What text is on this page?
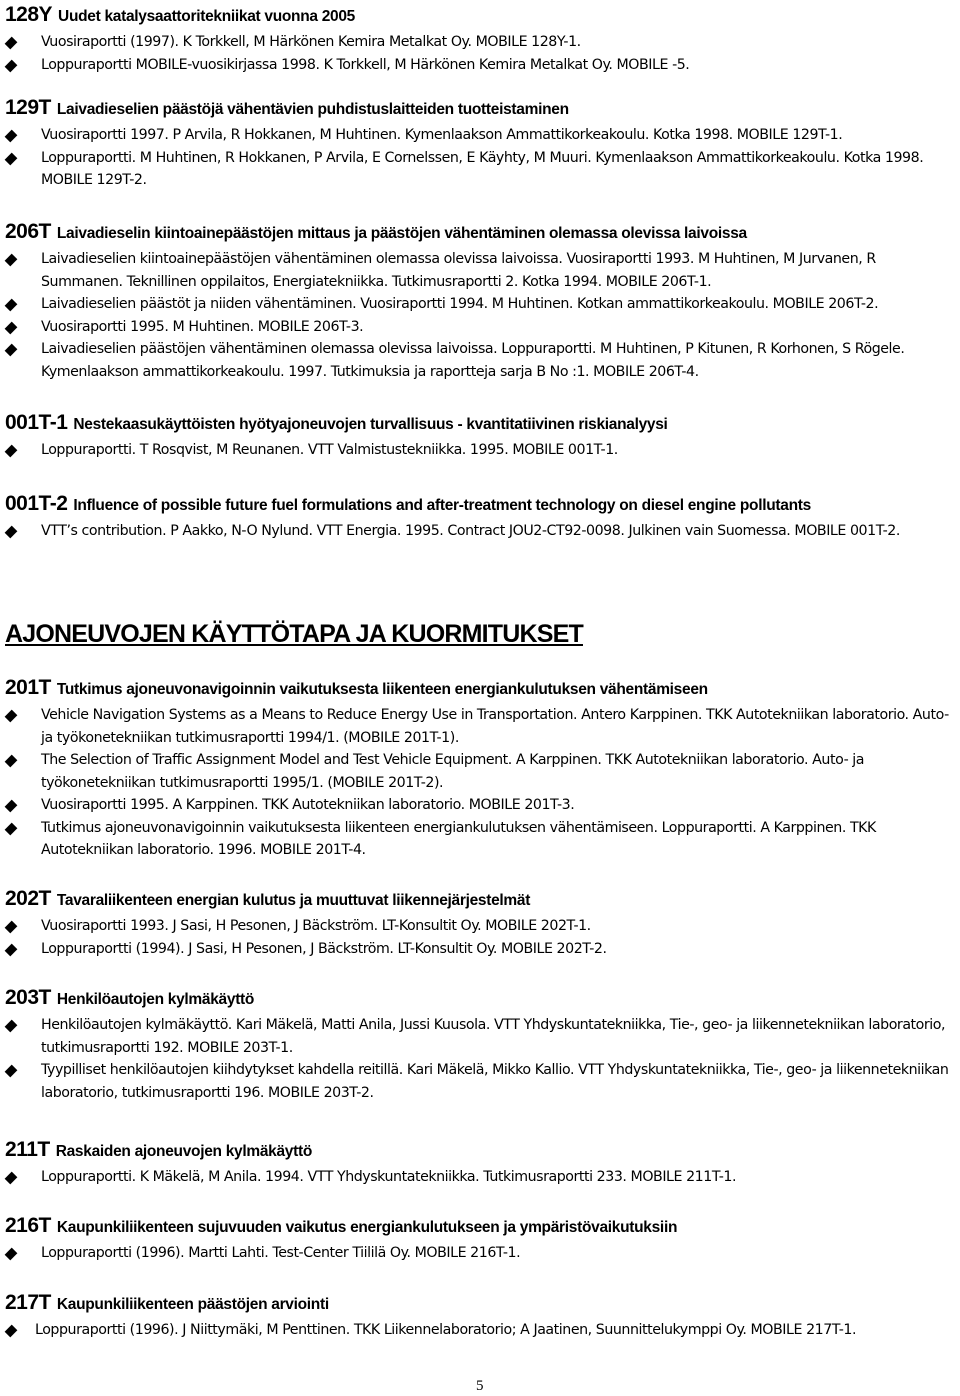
128Y Uudet katalysaattoritekniikat vuonna 2005
Vuosiraportti (1997). K Torkkell, M Härkönen Kemira Metalkat Oy. MOBILE 128Y-1.
Loppuraportti MOBILE-vuosikirjassa 1998. K Torkkell, M Härkönen Kemira Metalkat Oy. MOBILE -5.
129T Laivadieselien päästöjä vähentävien puhdistuslaitteiden tuotteistaminen
Vuosiraportti 1997. P Arvila, R Hokkanen, M Huhtinen. Kymenlaakson Ammattikorkeakoulu. Kotka 1998. MOBILE 129T-1.
Loppuraportti. M Huhtinen, R Hokkanen, P Arvila, E Cornelssen, E Käyhty, M Muuri. Kymenlaakson Ammattikorkeakoulu. Kotka 1998. MOBILE 129T-2.
206T Laivadieselin kiintoainepäästöjen mittaus ja päästöjen vähentäminen olemassa olevissa laivoissa
Laivadieselien kiintoainepäästöjen vähentäminen olemassa olevissa laivoissa. Vuosiraportti 1993. M Huhtinen, M Jurvanen, R Summanen. Teknillinen oppilaitos, Energiatekniikka. Tutkimusraportti 2. Kotka 1994. MOBILE 206T-1.
Laivadieselien päästöt ja niiden vähentäminen. Vuosiraportti 1994. M Huhtinen. Kotkan ammattikorkeakoulu. MOBILE 206T-2.
Vuosiraportti 1995. M Huhtinen. MOBILE 206T-3.
Laivadieselien päästöjen vähentäminen olemassa olevissa laivoissa. Loppuraportti. M Huhtinen, P Kitunen, R Korhonen, S Rögele. Kymenlaakson ammattikorkeakoulu. 1997. Tutkimuksia ja raportteja sarja B No :1. MOBILE 206T-4.
001T-1 Nestekaasukäyttöisten hyötyajoneuvojen turvallisuus - kvantitatiivinen riskianalyysi
Loppuraportti. T Rosqvist, M Reunanen. VTT Valmistustekniikka. 1995. MOBILE 001T-1.
001T-2 Influence of possible future fuel formulations and after-treatment technology on diesel engine pollutants
VTT’s contribution. P Aakko, N-O Nylund. VTT Energia. 1995. Contract JOU2-CT92-0098. Julkinen vain Suomessa. MOBILE 001T-2.
AJONEUVOJEN KÄYTTÖTAPA JA KUORMITUKSET
201T Tutkimus ajoneuvonavigoinnin vaikutuksesta liikenteen energiankulutuksen vähentämiseen
Vehicle Navigation Systems as a Means to Reduce Energy Use in Transportation. Antero Karppinen. TKK Autotekniikan laboratorio. Auto- ja työkonetekniikan tutkimusraportti 1994/1. (MOBILE 201T-1).
The Selection of Traffic Assignment Model and Test Vehicle Equipment. A Karppinen. TKK Autotekniikan laboratorio. Auto- ja työkonetekniikan tutkimusraportti 1995/1. (MOBILE 201T-2).
Vuosiraportti 1995. A Karppinen. TKK Autotekniikan laboratorio. MOBILE 201T-3.
Tutkimus ajoneuvonavigoinnin vaikutuksesta liikenteen energiankulutuksen vähentämiseen. Loppuraportti. A Karppinen. TKK Autotekniikan laboratorio. 1996. MOBILE 201T-4.
202T Tavaraliikenteen energian kulutus ja muuttuvat liikennejärjestelmät
Vuosiraportti 1993. J Sasi, H Pesonen, J Bäckström. LT-Konsultit Oy. MOBILE 202T-1.
Loppuraportti (1994). J Sasi, H Pesonen, J Bäckström. LT-Konsultit Oy. MOBILE 202T-2.
203T Henkilöautojen kylmäkäyttö
Henkilöautojen kylmäkäyttö. Kari Mäkelä, Matti Anila, Jussi Kuusola. VTT Yhdyskuntatekniikka, Tie-, geo- ja liikennetekniikan laboratorio, tutkimusraportti 192. MOBILE 203T-1.
Tyypilliset henkilöautojen kiihdytykset kahdella reitillä. Kari Mäkelä, Mikko Kallio. VTT Yhdyskuntatekniikka, Tie-, geo- ja liikennetekniikan laboratorio, tutkimusraportti 196. MOBILE 203T-2.
211T Raskaiden ajoneuvojen kylmäkäyttö
Loppuraportti. K Mäkelä, M Anila. 1994. VTT Yhdyskuntatekniikka. Tutkimusraportti 233. MOBILE 211T-1.
216T Kaupunkiliikenteen sujuvuuden vaikutus energiankulutukseen ja ympäristövaikutuksiin
Loppuraportti (1996). Martti Lahti. Test-Center Tiililä Oy. MOBILE 216T-1.
217T Kaupunkiliikenteen päästöjen arviointi
Loppuraportti (1996). J Niittymäki, M Penttinen. TKK Liikennelaboratorio; A Jaatinen, Suunnittelukymppi Oy. MOBILE 217T-1.
5
